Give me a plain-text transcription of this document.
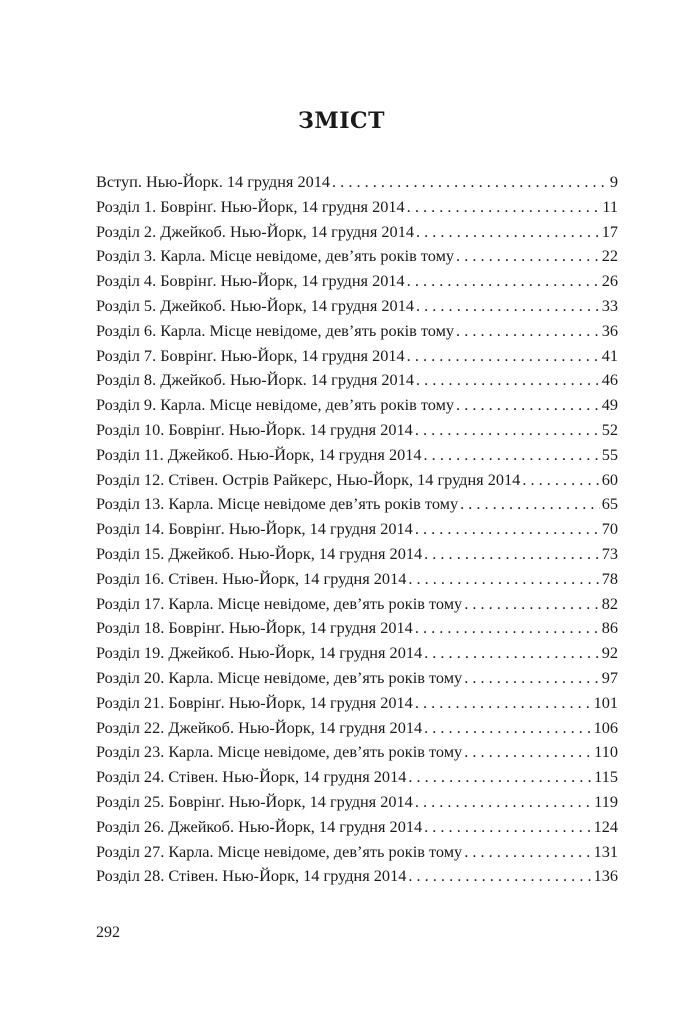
ЗМІСТ
Вступ. Нью-Йорк. 14 грудня 2014 . . .	9
Розділ 1. Боврінґ. Нью-Йорк, 14 грудня 2014 . . .	11
Розділ 2. Джейкоб. Нью-Йорк, 14 грудня 2014 . . .	17
Розділ 3. Карла. Місце невідоме, дев’ять років тому . . .	22
Розділ 4. Боврінґ. Нью-Йорк, 14 грудня 2014 . . .	26
Розділ 5. Джейкоб. Нью-Йорк, 14 грудня 2014 . . .	33
Розділ 6. Карла. Місце невідоме, дев’ять років тому . . .	36
Розділ 7. Боврінґ. Нью-Йорк, 14 грудня 2014 . . .	41
Розділ 8. Джейкоб. Нью-Йорк. 14 грудня 2014 . . .	46
Розділ 9. Карла. Місце невідоме, дев’ять років тому . . .	49
Розділ 10. Боврінґ. Нью-Йорк. 14 грудня 2014 . . .	52
Розділ 11. Джейкоб. Нью-Йорк, 14 грудня 2014 . . .	55
Розділ 12. Стівен. Острів Райкерс, Нью-Йорк, 14 грудня 2014 . . .	60
Розділ 13. Карла. Місце невідоме дев’ять років тому . . .	65
Розділ 14. Боврінґ. Нью-Йорк, 14 грудня 2014 . . .	70
Розділ 15. Джейкоб. Нью-Йорк, 14 грудня 2014 . . .	73
Розділ 16. Стівен. Нью-Йорк, 14 грудня 2014 . . .	78
Розділ 17. Карла. Місце невідоме, дев’ять років тому . . .	82
Розділ 18. Боврінґ. Нью-Йорк, 14 грудня 2014 . . .	86
Розділ 19. Джейкоб. Нью-Йорк, 14 грудня 2014 . . .	92
Розділ 20. Карла. Місце невідоме, дев’ять років тому . . .	97
Розділ 21. Боврінґ. Нью-Йорк, 14 грудня 2014 . . .	101
Розділ 22. Джейкоб. Нью-Йорк, 14 грудня 2014 . . .	106
Розділ 23. Карла. Місце невідоме, дев’ять років тому . . .	110
Розділ 24. Стівен. Нью-Йорк, 14 грудня 2014 . . .	115
Розділ 25. Боврінґ. Нью-Йорк, 14 грудня 2014 . . .	119
Розділ 26. Джейкоб. Нью-Йорк, 14 грудня 2014 . . .	124
Розділ 27. Карла. Місце невідоме, дев’ять років тому . . .	131
Розділ 28. Стівен. Нью-Йорк, 14 грудня 2014 . . .	136
292
